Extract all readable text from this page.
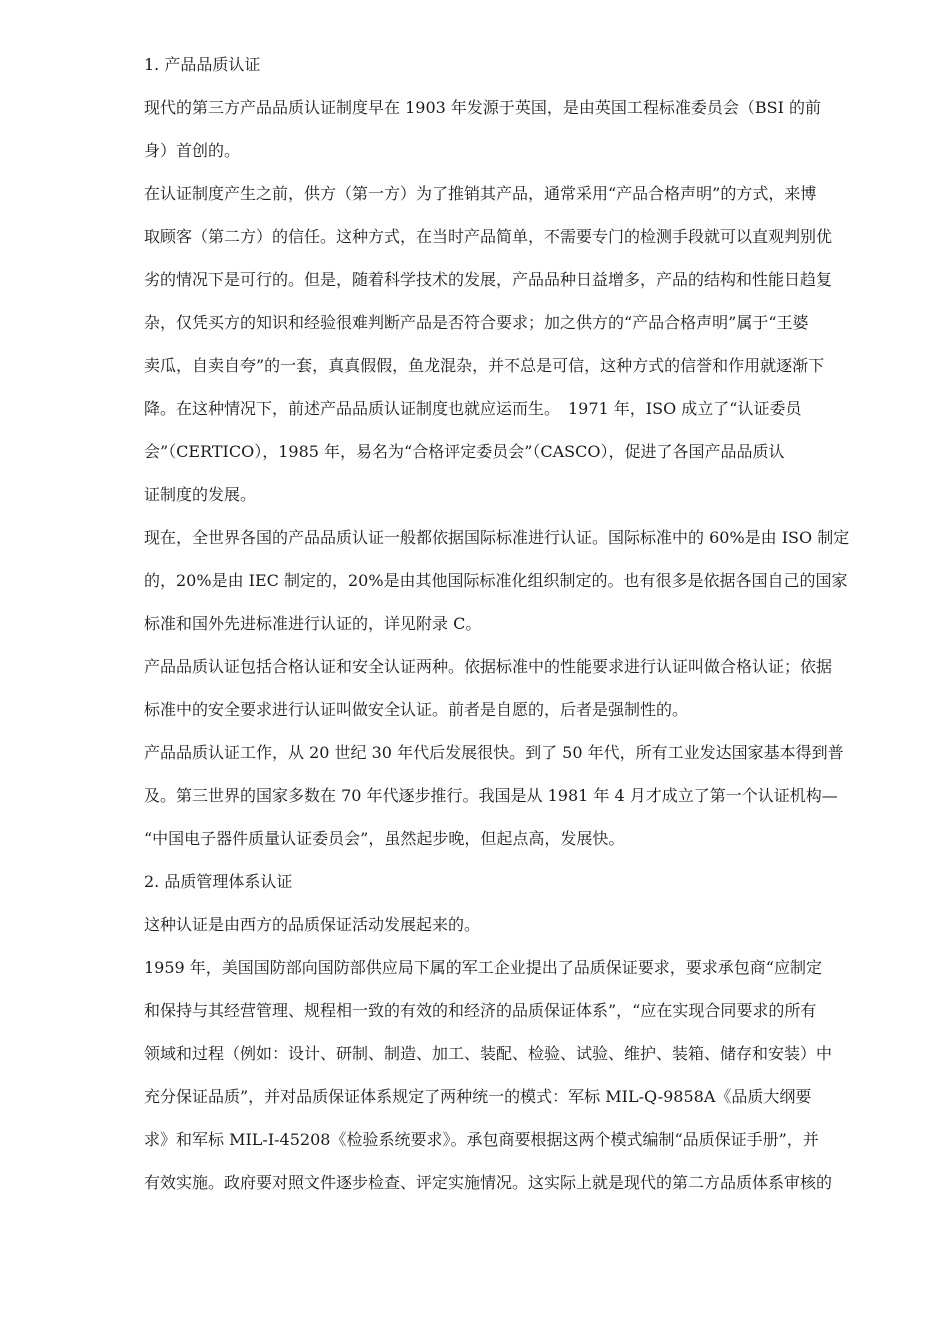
1. 产品品质认证
现代的第三方产品品质认证制度早在 1903 年发源于英国，是由英国工程标准委员会（BSI 的前
身）首创的。
在认证制度产生之前，供方（第一方）为了推销其产品，通常采用“产品合格声明”的方式，来博
取顾客（第二方）的信任。这种方式，在当时产品简单，不需要专门的检测手段就可以直观判别优
劣的情况下是可行的。但是，随着科学技术的发展，产品品种日益增多，产品的结构和性能日趋复
杂，仅凭买方的知识和经验很难判断产品是否符合要求；加之供方的“产品合格声明”属于“王婆
卖瓜，自卖自夸”的一套，真真假假，鱼龙混杂，并不总是可信，这种方式的信誉和作用就逐渐下
降。在这种情况下，前述产品品质认证制度也就应运而生。　1971 年，ISO 成立了“认证委员
会”（CERTICO），1985 年，易名为“合格评定委员会”（CASCO），促进了各国产品品质认
证制度的发展。
现在，全世界各国的产品品质认证一般都依据国际标准进行认证。国际标准中的 60%是由 ISO 制定
的，20%是由 IEC 制定的，20%是由其他国际标准化组织制定的。也有很多是依据各国自己的国家
标准和国外先进标准进行认证的，详见附录 C。
产品品质认证包括合格认证和安全认证两种。依据标准中的性能要求进行认证叫做合格认证；依据
标准中的安全要求进行认证叫做安全认证。前者是自愿的，后者是强制性的。
产品品质认证工作，从 20 世纪 30 年代后发展很快。到了 50 年代，所有工业发达国家基本得到普
及。第三世界的国家多数在 70 年代逐步推行。我国是从 1981 年 4 月才成立了第一个认证机构—
“中国电子器件质量认证委员会”，虽然起步晚，但起点高，发展快。
2. 品质管理体系认证
这种认证是由西方的品质保证活动发展起来的。
1959 年，美国国防部向国防部供应局下属的军工企业提出了品质保证要求，要求承包商“应制定
和保持与其经营管理、规程相一致的有效的和经济的品质保证体系”，“应在实现合同要求的所有
领域和过程（例如：设计、研制、制造、加工、装配、检验、试验、维护、装箱、储存和安装）中
充分保证品质”，并对品质保证体系规定了两种统一的模式：军标 MIL-Q-9858A《品质大纲要
求》和军标 MIL-I-45208《检验系统要求》。承包商要根据这两个模式编制“品质保证手册”，并
有效实施。政府要对照文件逐步检查、评定实施情况。这实际上就是现代的第二方品质体系审核的
